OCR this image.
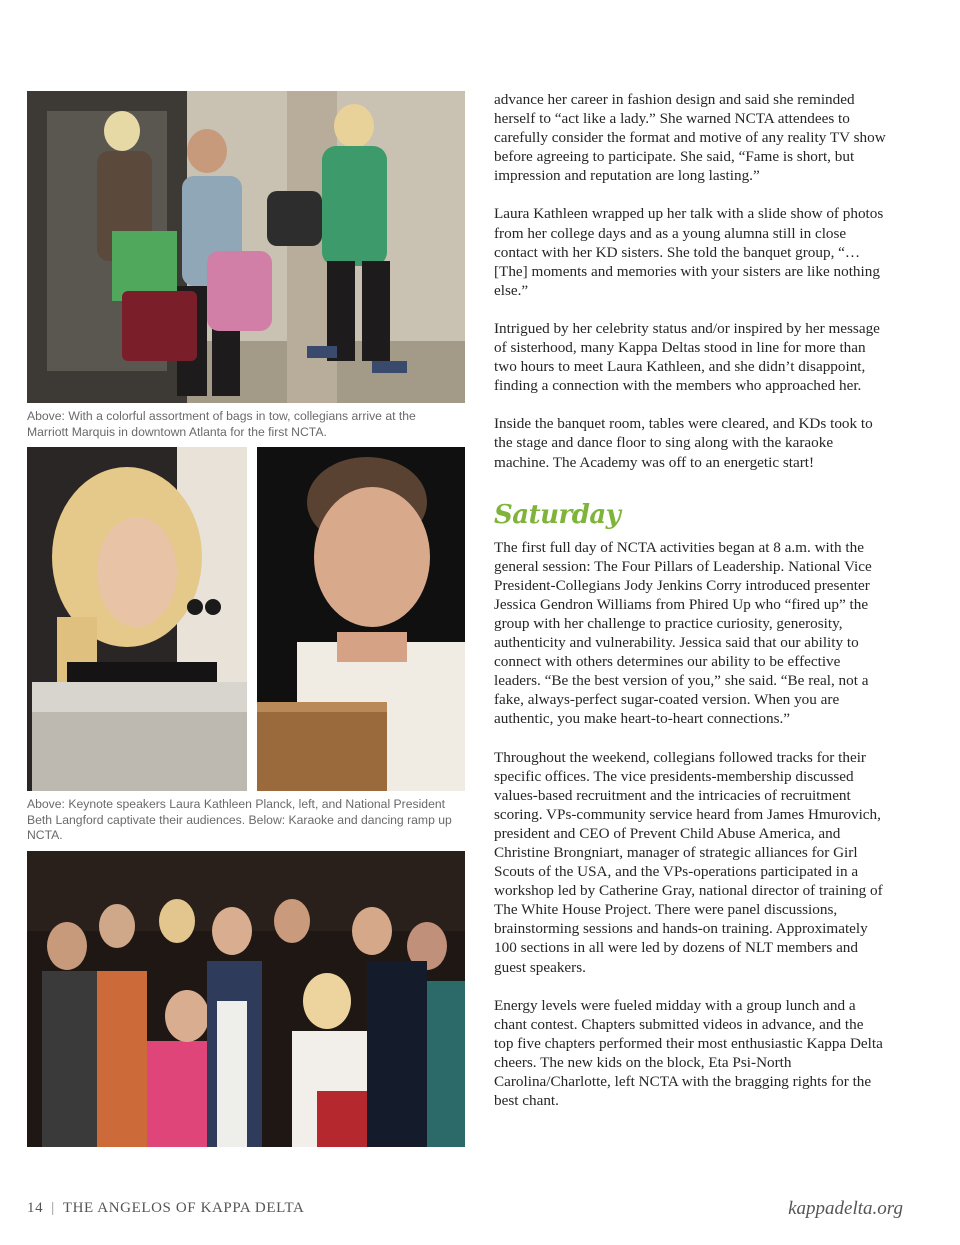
Above: With a colorful assortment of bags in tow, collegians arrive at the Marriott Marquis in downtown Atlanta for the first NCTA.

Above: Keynote speakers Laura Kathleen Planck, left, and National President Beth Langford captivate their audiences. Below: Karaoke and dancing ramp up NCTA.

advance her career in fashion design and said she reminded herself to “act like a lady.” She warned NCTA attendees to carefully consider the format and motive of any reality TV show before agreeing to participate. She said, “Fame is short, but impression and reputation are long lasting.”

Laura Kathleen wrapped up her talk with a slide show of photos from her college days and as a young alumna still in close contact with her KD sisters. She told the banquet group, “… [The] moments and memories with your sisters are like nothing else.”

Intrigued by her celebrity status and/or inspired by her message of sisterhood, many Kappa Deltas stood in line for more than two hours to meet Laura Kathleen, and she didn’t disappoint, finding a connection with the members who approached her.

Inside the banquet room, tables were cleared, and KDs took to the stage and dance floor to sing along with the karaoke machine. The Academy was off to an energetic start!

Saturday

The first full day of NCTA activities began at 8 a.m. with the general session: The Four Pillars of Leadership. National Vice President-Collegians Jody Jenkins Corry introduced presenter Jessica Gendron Williams from Phired Up who “fired up” the group with her challenge to practice curiosity, generosity, authenticity and vulnerability. Jessica said that our ability to connect with others determines our ability to be effective leaders. “Be the best version of you,” she said. “Be real, not a fake, always-perfect sugar-coated version. When you are authentic, you make heart-to-heart connections.”

Throughout the weekend, collegians followed tracks for their specific offices. The vice presidents-membership discussed values-based recruitment and the intricacies of recruitment scoring. VPs-community service heard from James Hmurovich, president and CEO of Prevent Child Abuse America, and Christine Brongniart, manager of strategic alliances for Girl Scouts of the USA, and the VPs-operations participated in a workshop led by Catherine Gray, national director of training of The White House Project. There were panel discussions, brainstorming sessions and hands-on training. Approximately 100 sections in all were led by dozens of NLT members and guest speakers.

Energy levels were fueled midday with a group lunch and a chant contest. Chapters submitted videos in advance, and the top five chapters performed their most enthusiastic Kappa Delta cheers. The new kids on the block, Eta Psi-North Carolina/Charlotte, left NCTA with the bragging rights for the best chant.

14 | THE ANGELOS OF KAPPA DELTA	kappadelta.org
